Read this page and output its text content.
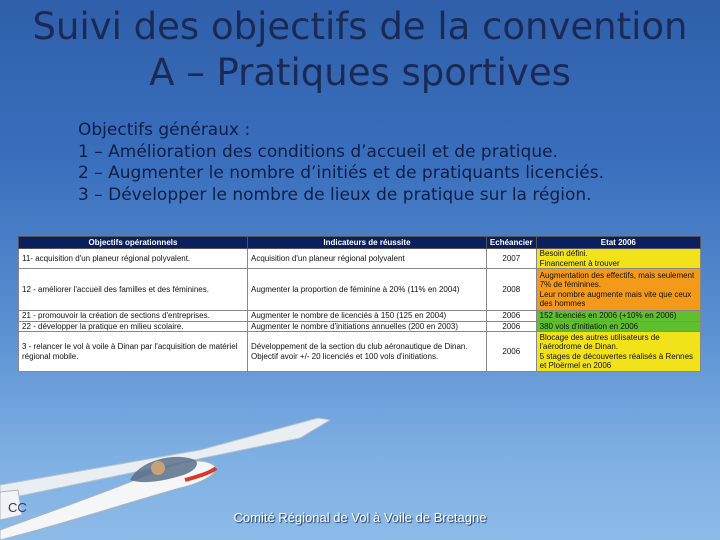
CC
Suivi des objectifs de la convention
A – Pratiques sportives
Objectifs généraux :
1 – Amélioration des conditions d’accueil et de pratique.
2 – Augmenter le nombre d’initiés et de pratiquants licenciés.
3 – Développer le nombre de lieux de pratique sur la région.
Objectifs opérationnels	Indicateurs de réussite	Echéancier	Etat 2006
11- acquisition d'un planeur régional polyvalent.	Acquisition d'un planeur régional polyvalent	2007	Besoin défini.
Financement à trouver

12 - améliorer l'accueil des familles et des féminines.	Augmenter la proportion de féminine à 20% (11% en 2004)	2008	Augmentation des effectifs, mais seulement 7% de féminines.
Leur nombre augmente mais vite que ceux des hommes

21 - promouvoir la création de sections d'entreprises.	Augmenter le nombre de licenciés à 150 (125 en 2004)	2006	152 licenciés en 2006 (+10% en 2006)
22 - développer la pratique en milieu scolaire.	Augmenter le nombre d'initiations annuelles (200 en 2003)	2006	380 vols d'initiation en 2006
3 - relancer le vol à voile à Dinan par l'acquisition de matériel régional mobile.	Développement de la section du club aéronautique de Dinan. Objectif avoir +/- 20 licenciés et 100 vols d'initiations.	2006	Blocage des autres utilisateurs de l'aérodrome de Dinan.
5 stages de découvertes réalisés à Rennes et Ploërmel en 2006
Comité Régional de Vol à Voile de Bretagne
